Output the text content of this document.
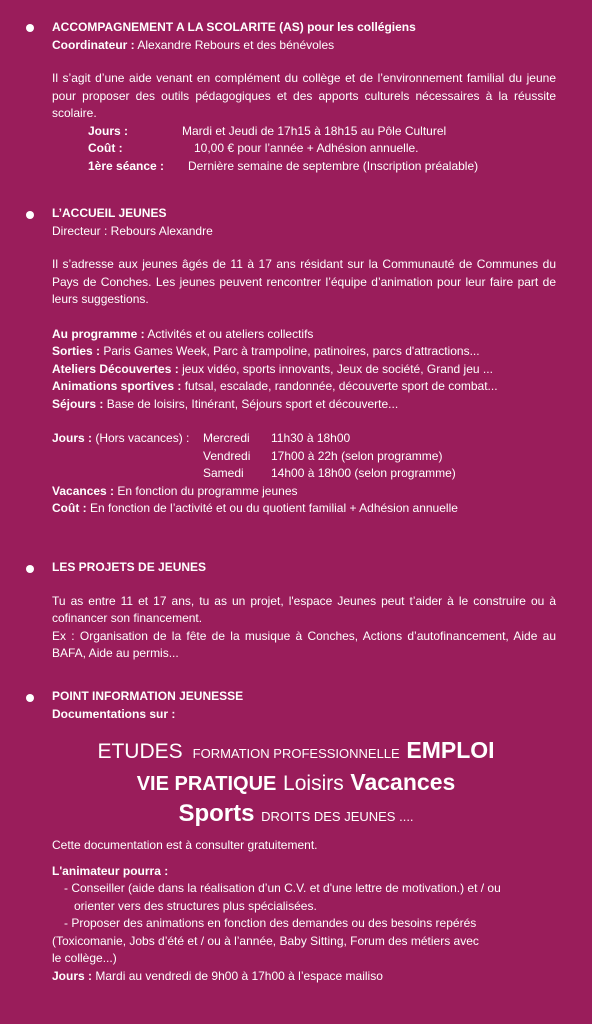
ACCOMPAGNEMENT A LA SCOLARITE (AS) pour les collégiens

Coordinateur : Alexandre Rebours et des bénévoles

Il s’agit d’une aide venant en complément du collège et de l’environnement familial du jeune pour proposer des outils pédagogiques et des apports culturels nécessaires à la réussite scolaire.

Jours :	Mardi et Jeudi de 17h15 à 18h15 au Pôle Culturel
Coût :	10,00 € pour l’année + Adhésion annuelle.
1ère séance :	Dernière semaine de septembre (Inscription préalable)

L’ACCUEIL JEUNES

Directeur : Rebours Alexandre

Il s’adresse aux jeunes âgés de 11 à 17 ans résidant sur la Communauté de Communes du Pays de Conches. Les jeunes peuvent rencontrer l’équipe d’animation pour leur faire part de leurs suggestions.

Au programme : Activités et ou ateliers collectifs

Sorties : Paris Games Week, Parc à trampoline, patinoires, parcs d'attractions...

Ateliers Découvertes : jeux vidéo, sports innovants, Jeux de société, Grand jeu ...

Animations sportives : futsal, escalade, randonnée, découverte sport de combat...

Séjours : Base de loisirs, Itinérant, Séjours sport et découverte...

Jours : (Hors vacances) :	Mercredi	11h30 à 18h00
Vendredi	17h00 à 22h (selon programme)
Samedi	14h00 à 18h00 (selon programme)

Vacances : En fonction du programme jeunes

Coût : En fonction de l’activité et ou du quotient familial + Adhésion annuelle

LES PROJETS DE JEUNES

Tu as entre 11 et 17 ans, tu as un projet, l'espace Jeunes peut t’aider à le construire ou à cofinancer son financement.

Ex : Organisation de la fête de la musique à Conches, Actions d’autofinancement, Aide au BAFA, Aide au permis...

POINT INFORMATION JEUNESSE

Documentations sur :

ETUDES FORMATION PROFESSIONNELLE EMPLOI
VIE PRATIQUE Loisirs Vacances
Sports DROITS DES JEUNES ....

Cette documentation est à consulter gratuitement.

L'animateur pourra :

- Conseiller (aide dans la réalisation d’un C.V. et d'une lettre de motivation.) et / ou

orienter vers des structures plus spécialisées.

- Proposer des animations en fonction des demandes ou des besoins repérés

(Toxicomanie, Jobs d’été et / ou à l’année, Baby Sitting, Forum des métiers avec

le collège...)

Jours : Mardi au vendredi de 9h00 à 17h00 à l’espace mailiso
